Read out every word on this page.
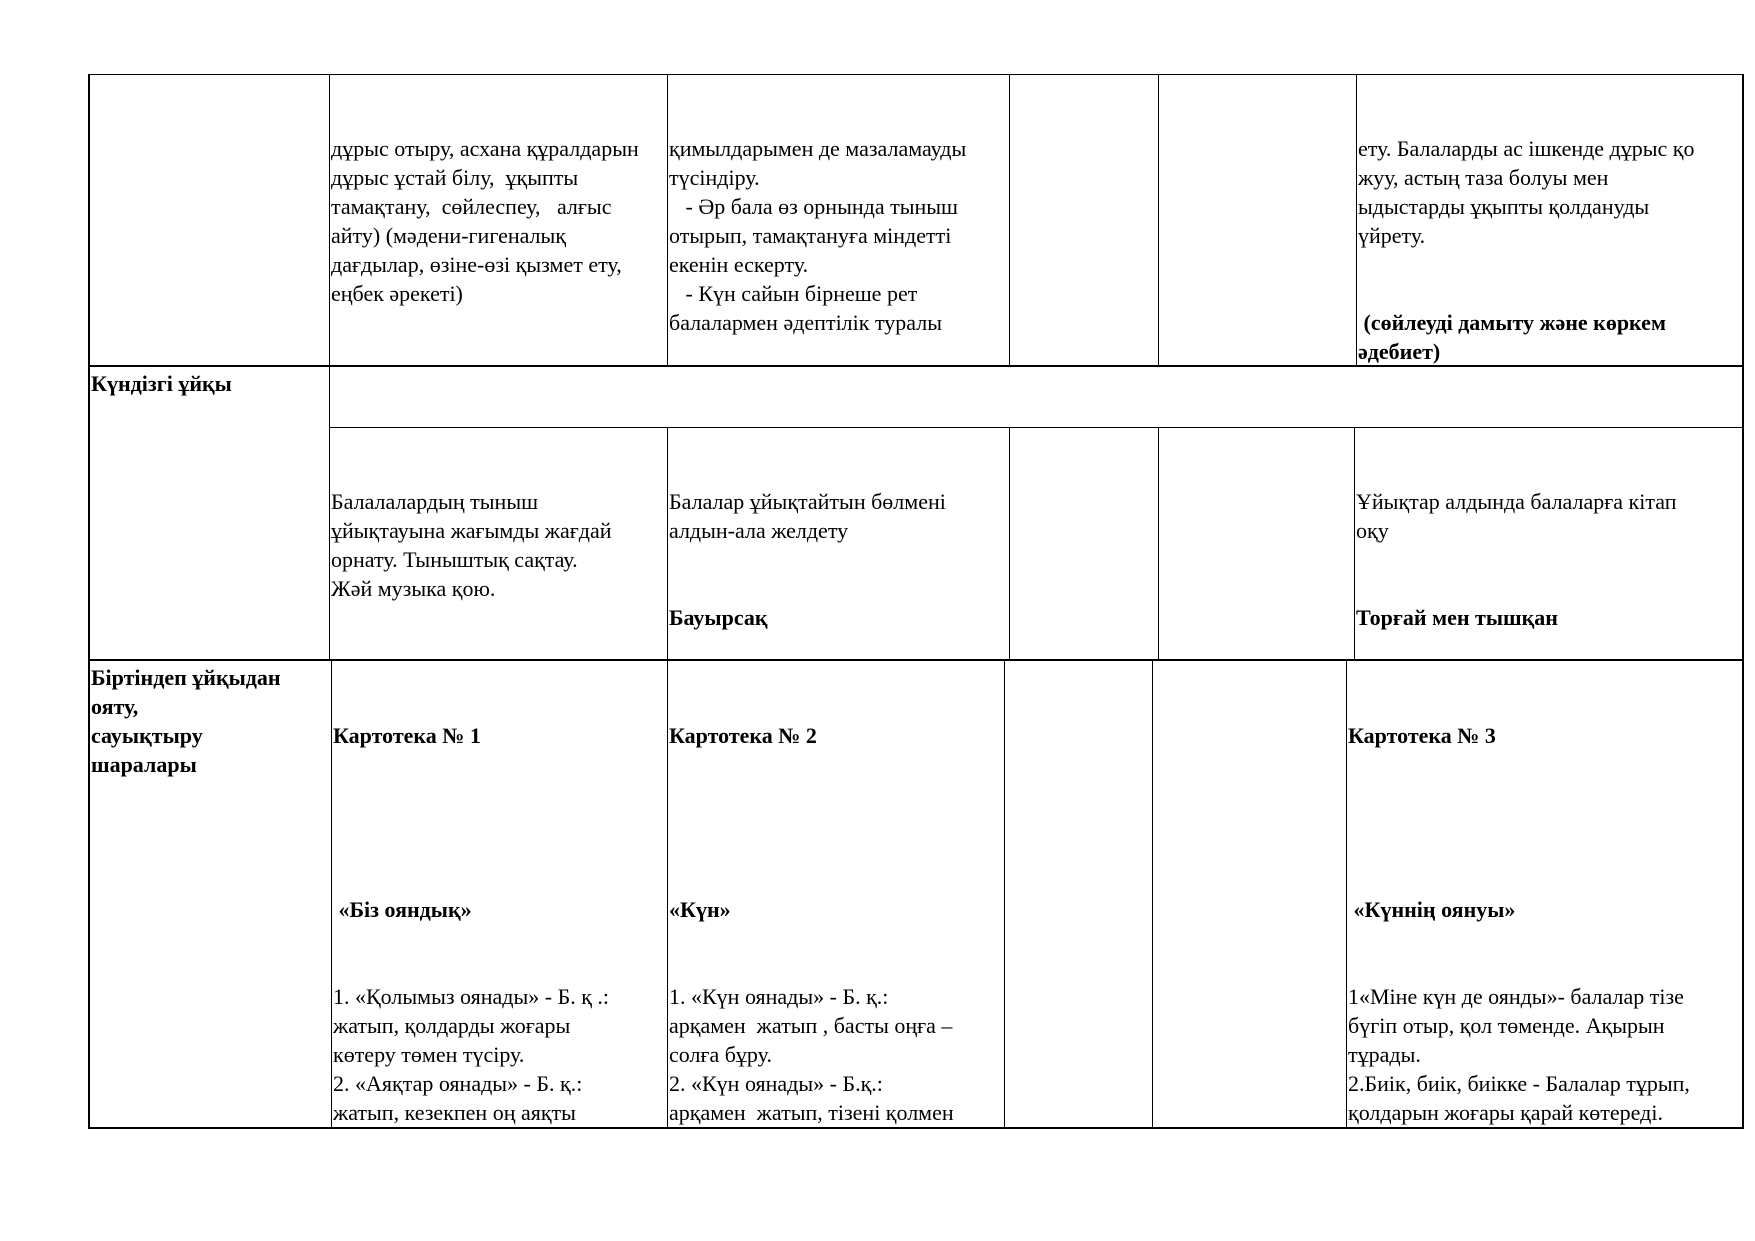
дұрыс отыру, асхана құралдарын
дұрыс ұстай білу,  ұқыпты
тамақтану,  сөйлеспеу,   алғыс
айту) (мәдени-гигеналық
дағдылар, өзіне-өзі қызмет ету,
еңбек әрекеті)

қимылдарымен де мазаламауды
түсіндіру.
- Әр бала өз орнында тыныш
отырып, тамақтануға міндетті
екенін ескерту.
- Күн сайын бірнеше рет
балалармен әдептілік туралы

ету. Балаларды ас ішкенде дұрыс қо
жуу, астың таза болуы мен
ыдыстарды ұқыпты қолдануды
үйрету.

(сөйлеуді дамыту және көркем
әдебиет)

Күндізгі ұйқы

Балалалардың тыныш
ұйықтауына жағымды жағдай
орнату. Тыныштық сақтау.
Жәй музыка қою.

Балалар ұйықтайтын бөлмені
алдын-ала желдету

Бауырсақ

Ұйықтар алдында балаларға кітап
оқу

Торғай мен тышқан

Біртіндеп ұйқыдан
ояту,
сауықтыру
шаралары

Картотека № 1

«Біз ояндық»

1. «Қолымыз оянады» - Б. қ .:
жатып, қолдарды жоғары
көтеру төмен түсіру.
2. «Аяқтар оянады» - Б. қ.:
жатып, кезекпен оң аяқты

Картотека № 2

«Күн»

1. «Күн оянады» - Б. қ.:
арқамен  жатып , басты оңға –
солға бұру.
2. «Күн оянады» - Б.қ.:
арқамен  жатып, тізені қолмен

Картотека № 3

«Күннің оянуы»

1«Міне күн де оянды»- балалар тізе
бүгіп отыр, қол төменде. Ақырын
тұрады.
2.Биік, биік, биікке - Балалар тұрып,
қолдарын жоғары қарай көтереді.
